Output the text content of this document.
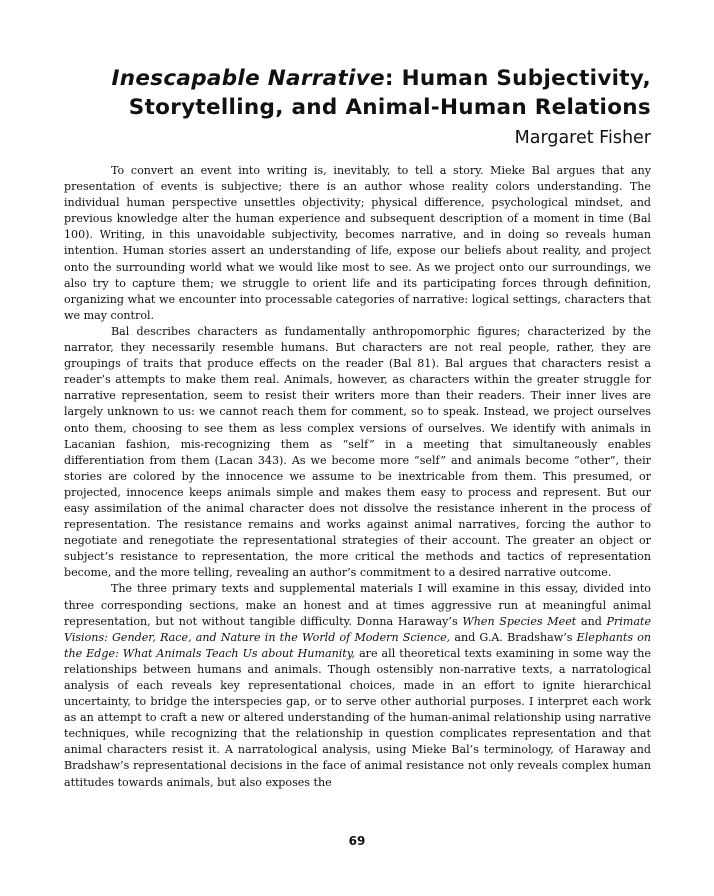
Inescapable Narrative: Human Subjectivity,
Storytelling, and Animal-Human Relations
Margaret Fisher

To convert an event into writing is, inevitably, to tell a story. Mieke Bal argues that any presentation of events is subjective; there is an author whose reality colors understanding. The individual human perspective unsettles objectivity; physical difference, psychological mindset, and previous knowledge alter the human experience and subsequent description of a moment in time (Bal 100). Writing, in this unavoidable subjectivity, becomes narrative, and in doing so reveals human intention. Human stories assert an understanding of life, expose our beliefs about reality, and project onto the surrounding world what we would like most to see. As we project onto our surroundings, we also try to capture them; we struggle to orient life and its participating forces through definition, organizing what we encounter into processable categories of narrative: logical settings, characters that we may control.

Bal describes characters as fundamentally anthropomorphic figures; characterized by the narrator, they necessarily resemble humans. But characters are not real people, rather, they are groupings of traits that produce effects on the reader (Bal 81). Bal argues that characters resist a reader’s attempts to make them real. Animals, however, as characters within the greater struggle for narrative representation, seem to resist their writers more than their readers. Their inner lives are largely unknown to us: we cannot reach them for comment, so to speak. Instead, we project ourselves onto them, choosing to see them as less complex versions of ourselves. We identify with animals in Lacanian fashion, mis-recognizing them as “self” in a meeting that simultaneously enables differentiation from them (Lacan 343). As we become more “self” and animals become “other”, their stories are colored by the innocence we assume to be inextricable from them. This presumed, or projected, innocence keeps animals simple and makes them easy to process and represent. But our easy assimilation of the animal character does not dissolve the resistance inherent in the process of representation. The resistance remains and works against animal narratives, forcing the author to negotiate and renegotiate the representational strategies of their account. The greater an object or subject’s resistance to representation, the more critical the methods and tactics of representation become, and the more telling, revealing an author’s commitment to a desired narrative outcome.

The three primary texts and supplemental materials I will examine in this essay, divided into three corresponding sections, make an honest and at times aggressive run at meaningful animal representation, but not without tangible difficulty. Donna Haraway’s When Species Meet and Primate Visions: Gender, Race, and Nature in the World of Modern Science, and G.A. Bradshaw’s Elephants on the Edge: What Animals Teach Us about Humanity, are all theoretical texts examining in some way the relationships between humans and animals. Though ostensibly non-narrative texts, a narratological analysis of each reveals key representational choices, made in an effort to ignite hierarchical uncertainty, to bridge the interspecies gap, or to serve other authorial purposes. I interpret each work as an attempt to craft a new or altered understanding of the human-animal relationship using narrative techniques, while recognizing that the relationship in question complicates representation and that animal characters resist it. A narratological analysis, using Mieke Bal’s terminology, of Haraway and Bradshaw’s representational decisions in the face of animal resistance not only reveals complex human attitudes towards animals, but also exposes the

69
